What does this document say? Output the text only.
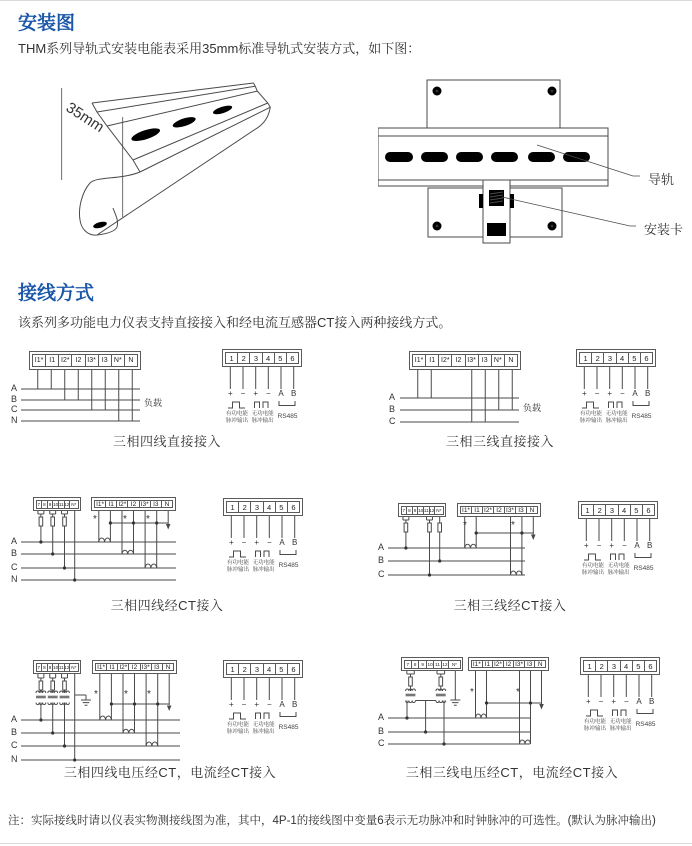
安装图
THM系列导轨式安装电能表采用35mm标准导轨式安装方式，如下图：
35mm
导轨
安装卡
接线方式
该系列多功能电力仪表支持直接接入和经电流互感器CT接入两种接线方式。
I1* I1 I2* I2 I3* I3 N* N
A
B
C
N
负载
1	2	3	4	5	6
+	−	+ − A B
有功电能
脉冲输出
无功电能
脉冲输出
RS485
I1* I1 I2* I2 I3* I3 N* N
A
B
C
负载
1	2	3	4	5	6
+	−	+ − A B
有功电能
脉冲输出
无功电能
脉冲输出
RS485
三相四线直接接入	三相三线直接接入
7 8 9 10 11 12 N*	I1* I1 I2* I2 I3* I3 N
A
B
C
N
*	* *
1	2	3	4	5	6
+	−	+ − A B
有功电能
脉冲输出
无功电能
脉冲输出
RS485
7 8 9 10 11 12 N*	I1* I1 I2* I2 I3* I3 N
A
B
C
*	*
1	2	3	4	5	6
+	−	+ − A B
有功电能
脉冲输出
无功电能
脉冲输出
RS485
三相四线经CT接入	三相三线经CT接入
7 8 9 10 11 12 N*	I1* I1 I2* I2 I3* I3 N
A
B
C
N
*	* *
1	2	3	4	5	6
+	−	+ − A B
有功电能
脉冲输出
无功电能
脉冲输出
RS485
7	8	9 10 11 12 N*	I1* I1 I2* I2 I3* I3 N
A
B
C
*	*
1	2	3	4	5	6
+	−	+ − A B
有功电能
脉冲输出
无功电能
脉冲输出
RS485
三相四线电压经CT，电流经CT接入	三相三线电压经CT，电流经CT接入
注：实际接线时请以仪表实物测接线图为准，其中，4P-1的接线图中变量6表示无功脉冲和时钟脉冲的可选性。(默认为脉冲输出)
